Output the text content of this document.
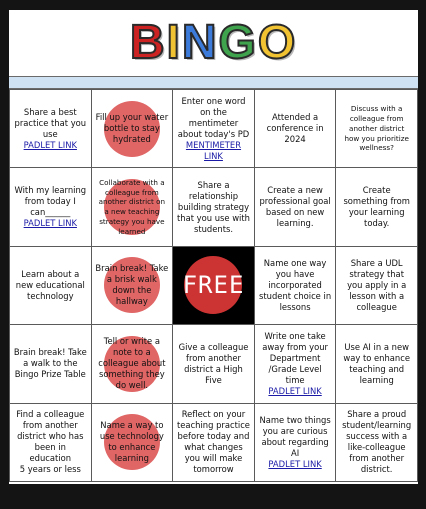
BINGO
Share a best
practice that you
use
PADLET LINK
Fill up your water
bottle to stay
hydrated
Enter one word
on the
mentimeter
about today's PD
MENTIMETER LINK
Attended a
conference in
2024
Discuss with a
colleague from
another district
how you prioritize
wellness?
With my learning
from today I
can______
PADLET LINK
Collaborate with a
colleague from
another district on
a new teaching
strategy you have
learned
Share a
relationship
building strategy
that you use with
students.
Create a new
professional goal
based on new
learning.
Create
something from
your learning
today.
Learn about a
new educational
technology
Brain break! Take
a brisk walk
down the
hallway
FREE
Name one way
you have
incorporated
student choice in
lessons
Share a UDL
strategy that
you apply in a
lesson with a
colleague
Brain break! Take
a walk to the
Bingo Prize Table
Tell or write a
note to a
colleague about
something they
do well.
Give a colleague
from another
district a High
Five
Write one take
away from your
Department
/Grade Level time
PADLET LINK
Use AI in a new
way to enhance
teaching and
learning
Find a colleague
from another
district who has
been in education
5 years or less
Name a way to
use technology
to enhance
learning
Reflect on your
teaching practice
before today and
what changes
you will make
tomorrow
Name two things
you are curious
about regarding
AI
PADLET LINK
Share a proud
student/learning
success with a
like-colleague
from another
district.
